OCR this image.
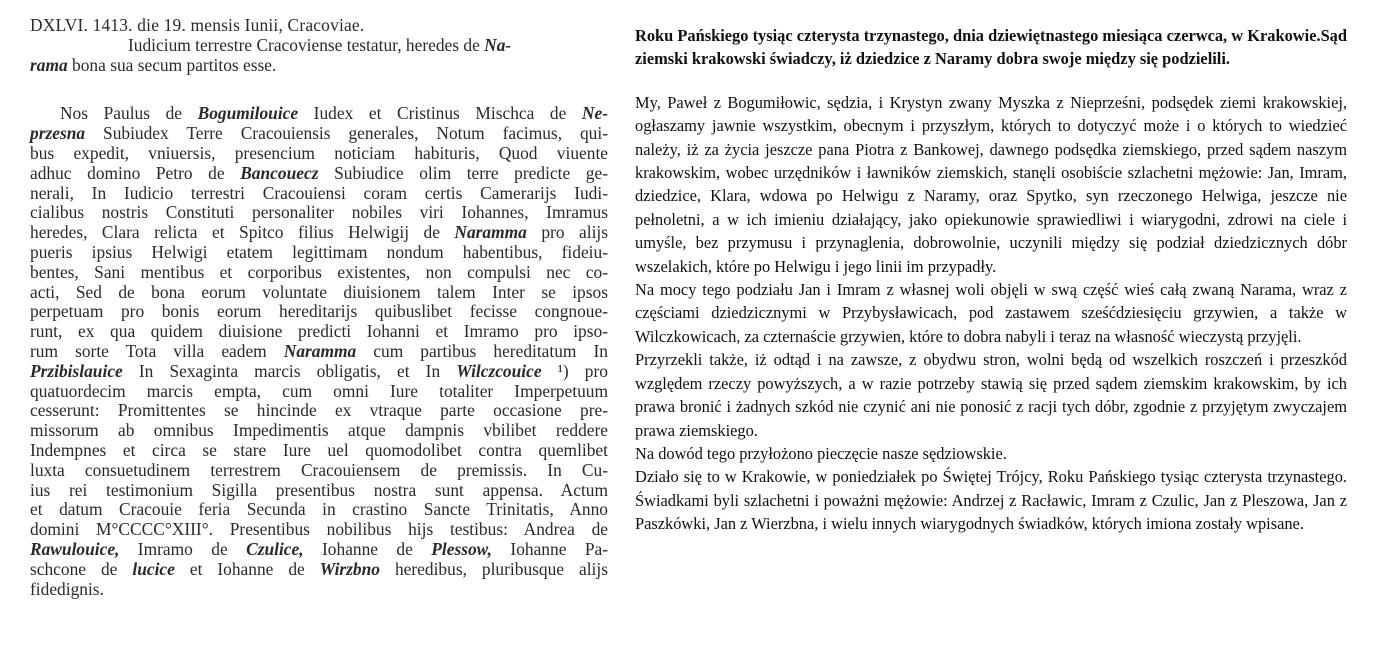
DXLVI. 1413. die 19. mensis Iunii, Cracoviae.
Iudicium terrestre Cracoviense testatur, heredes de Na-
rama bona sua secum partitos esse.
Nos Paulus de Bogumilouice Iudex et Cristinus Mischca de Ne-
przesna Subiudex Terre Cracouiensis generales, Notum facimus, qui-
bus expedit, vniuersis, presencium noticiam habituris, Quod viuente
adhuc domino Petro de Bancouecz Subiudice olim terre predicte ge-
nerali, In Iudicio terrestri Cracouiensi coram certis Camerarijs Iudi-
cialibus nostris Constituti personaliter nobiles viri Iohannes, Imramus
heredes, Clara relicta et Spitco filius Helwigij de Naramma pro alijs
pueris ipsius Helwigi etatem legittimam nondum habentibus, fideiu-
bentes, Sani mentibus et corporibus existentes, non compulsi nec co-
acti, Sed de bona eorum voluntate diuisionem talem Inter se ipsos
perpetuam pro bonis eorum hereditarijs quibuslibet fecisse congnoue-
runt, ex qua quidem diuisione predicti Iohanni et Imramo pro ipso-
rum sorte Tota villa eadem Naramma cum partibus hereditatum In
Przibislauice In Sexaginta marcis obligatis, et In Wilczcouice ¹) pro
quatuordecim marcis empta, cum omni Iure totaliter Imperpetuum
cesserunt: Promittentes se hincinde ex vtraque parte occasione pre-
missorum ab omnibus Impedimentis atque dampnis vbilibet reddere
Indempnes et circa se stare Iure uel quomodolibet contra quemlibet
luxta consuetudinem terrestrem Cracouiensem de premissis. In Cu-
ius rei testimonium Sigilla presentibus nostra sunt appensa. Actum
et datum Cracouie feria Secunda in crastino Sancte Trinitatis, Anno
domini M°CCCC°XIII°. Presentibus nobilibus hijs testibus: Andrea de
Rawulouice, Imramo de Czulice, Iohanne de Plessow, Iohanne Pa-
schcone de lucice et Iohanne de Wirzbno heredibus, pluribusque alijs
fidedignis.

Roku Pańskiego tysiąc czterysta trzynastego, dnia dziewiętnastego miesiąca czerwca, w Krakowie.Sąd ziemski krakowski świadczy, iż dziedzice z Naramy dobra swoje między się podzielili.

My, Paweł z Bogumiłowic, sędzia, i Krystyn zwany Myszka z Nieprześni, podsędek ziemi krakowskiej, ogłaszamy jawnie wszystkim, obecnym i przyszłym, których to dotyczyć może i o których to wiedzieć należy, iż za życia jeszcze pana Piotra z Bankowej, dawnego podsędka ziemskiego, przed sądem naszym krakowskim, wobec urzędników i ławników ziemskich, stanęli osobiście szlachetni mężowie: Jan, Imram, dziedzice, Klara, wdowa po Helwigu z Naramy, oraz Spytko, syn rzeczonego Helwiga, jeszcze nie pełnoletni, a w ich imieniu działający, jako opiekunowie sprawiedliwi i wiarygodni, zdrowi na ciele i umyśle, bez przymusu i przynaglenia, dobrowolnie, uczynili między się podział dziedzicznych dóbr wszelakich, które po Helwigu i jego linii im przypadły.

Na mocy tego podziału Jan i Imram z własnej woli objęli w swą część wieś całą zwaną Narama, wraz z częściami dziedzicznymi w Przybysławicach, pod zastawem sześćdziesięciu grzywien, a także w Wilczkowicach, za czternaście grzywien, które to dobra nabyli i teraz na własność wieczystą przyjęli.

Przyrzekli także, iż odtąd i na zawsze, z obydwu stron, wolni będą od wszelkich roszczeń i przeszkód względem rzeczy powyższych, a w razie potrzeby stawią się przed sądem ziemskim krakowskim, by ich prawa bronić i żadnych szkód nie czynić ani nie ponosić z racji tych dóbr, zgodnie z przyjętym zwyczajem prawa ziemskiego.

Na dowód tego przyłożono pieczęcie nasze sędziowskie.

Działo się to w Krakowie, w poniedziałek po Świętej Trójcy, Roku Pańskiego tysiąc czterysta trzynastego. Świadkami byli szlachetni i poważni mężowie: Andrzej z Racławic, Imram z Czulic, Jan z Pleszowa, Jan z Paszkówki, Jan z Wierzbna, i wielu innych wiarygodnych świadków, których imiona zostały wpisane.
